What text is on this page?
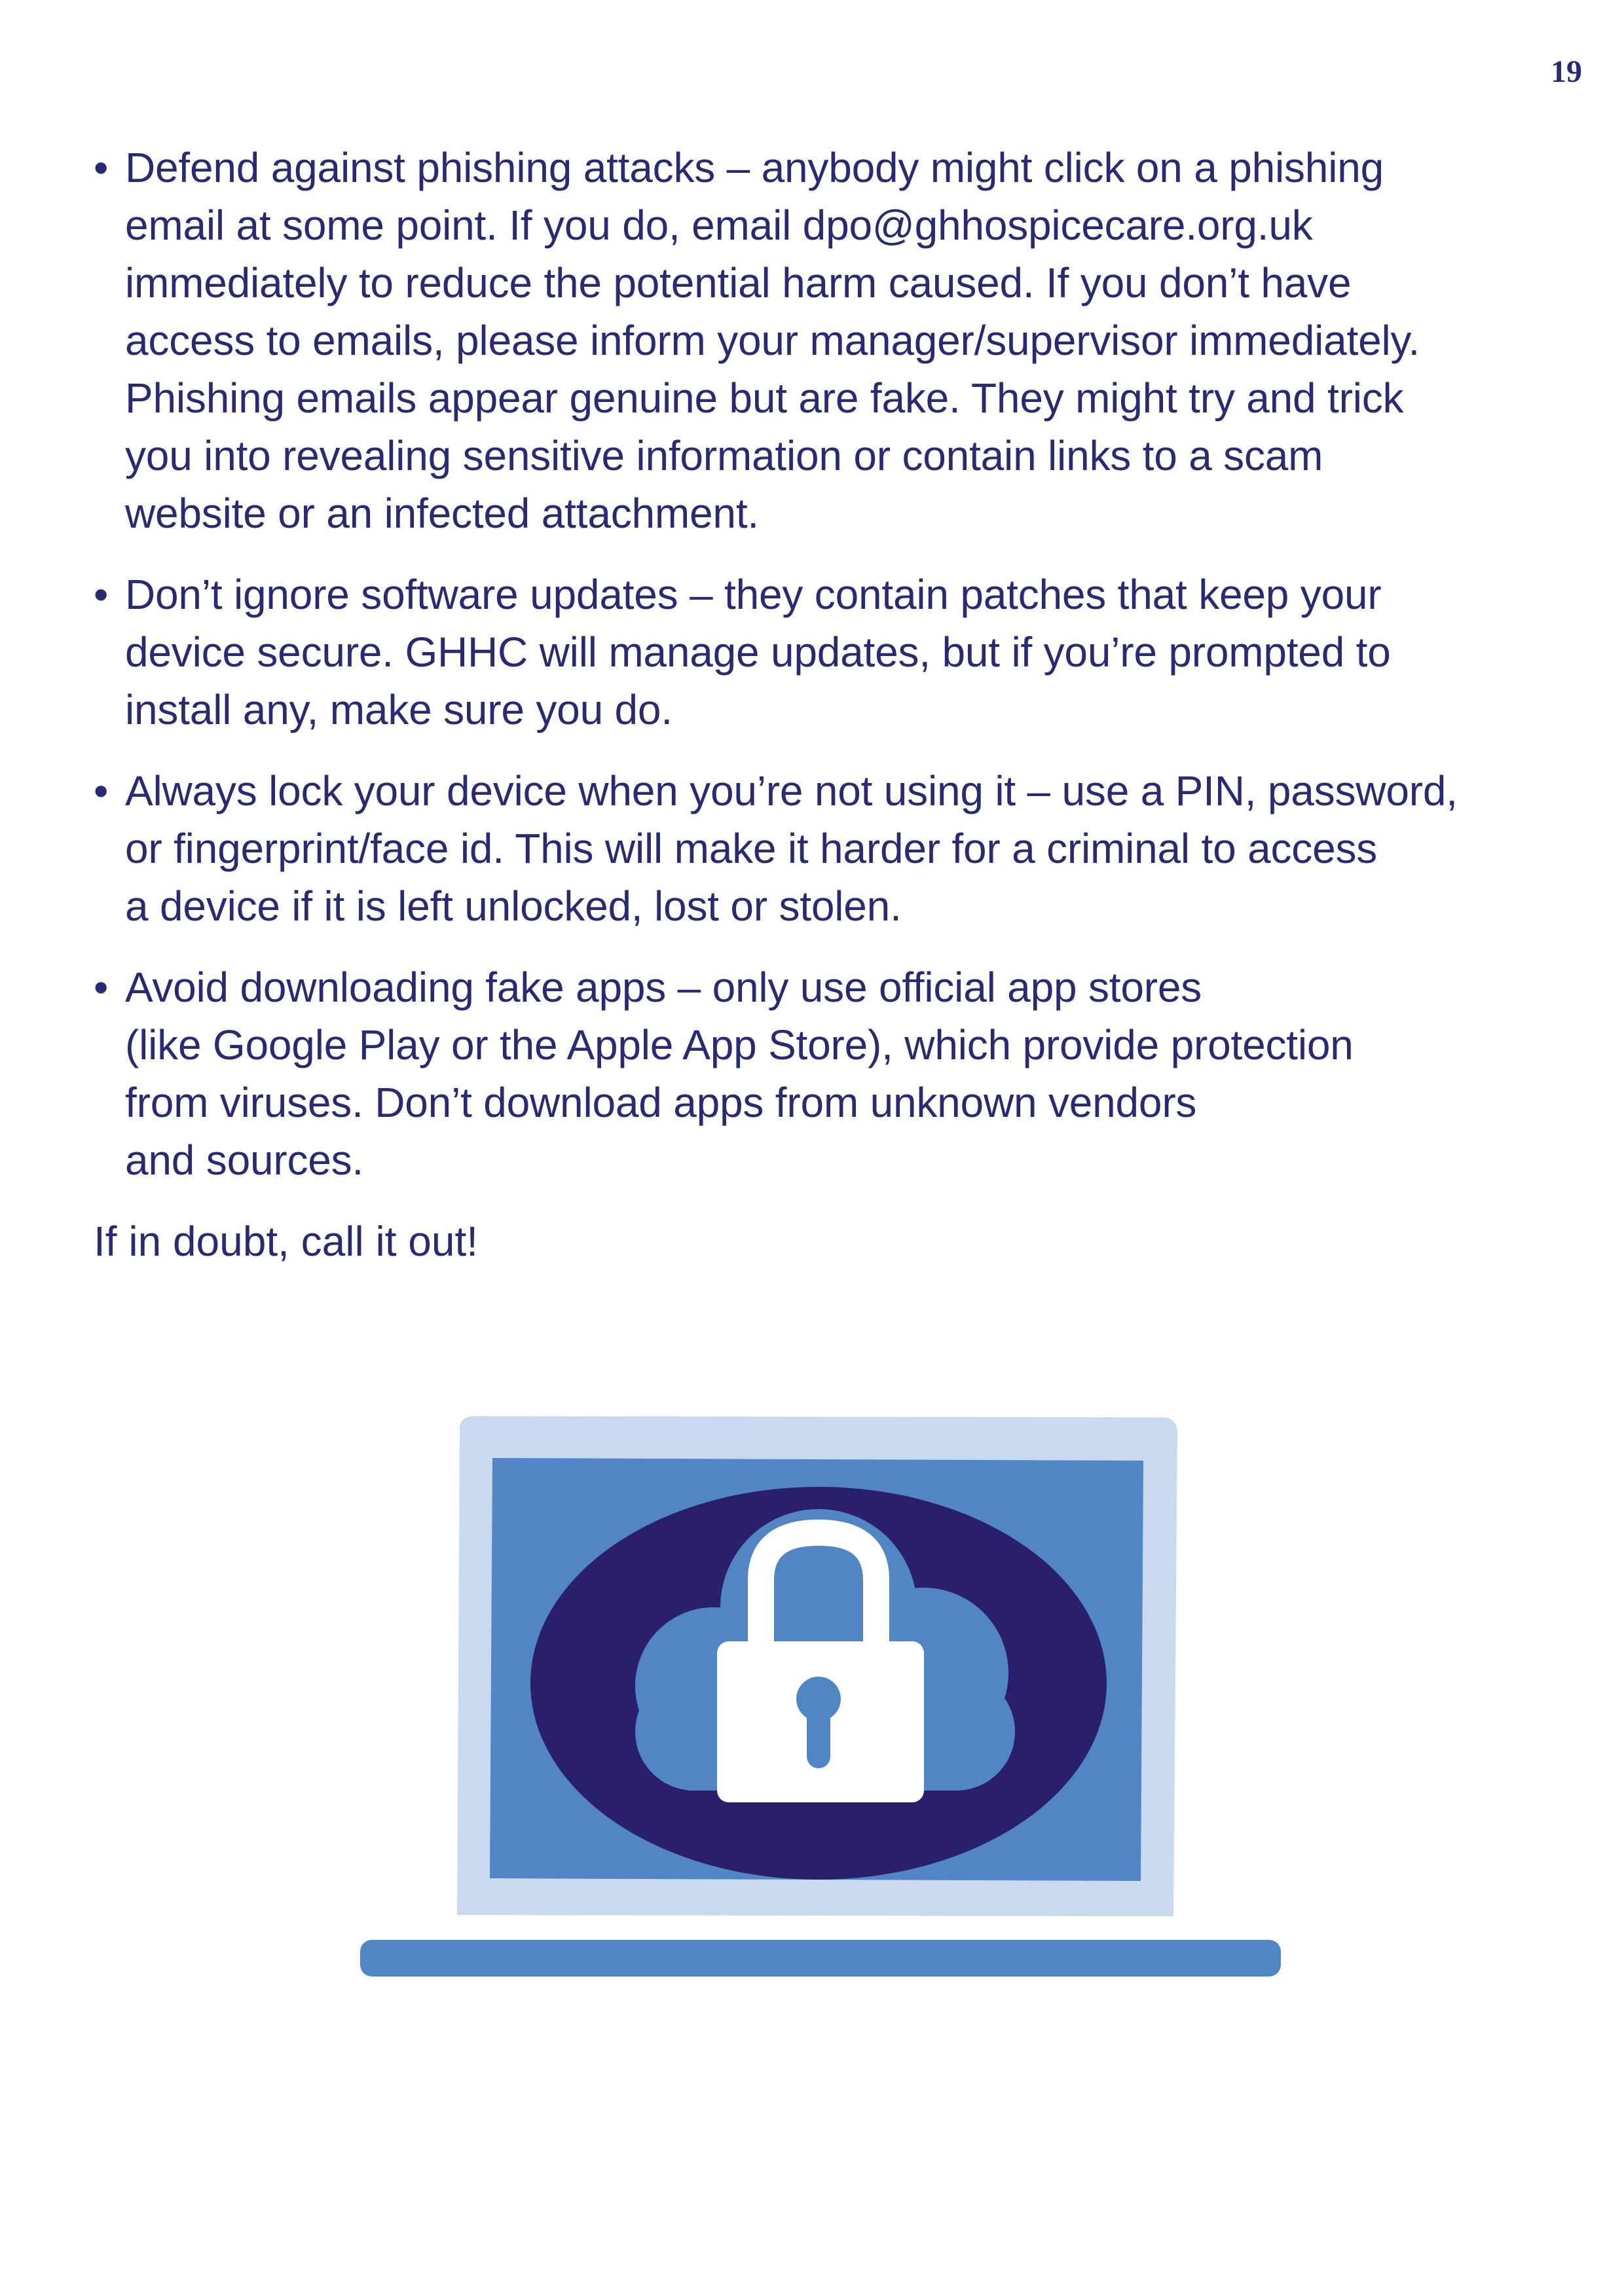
19
• Defend against phishing attacks – anybody might click on a phishing
email at some point. If you do, email dpo@ghhospicecare.org.uk
immediately to reduce the potential harm caused. If you don’t have
access to emails, please inform your manager/supervisor immediately.
Phishing emails appear genuine but are fake. They might try and trick
you into revealing sensitive information or contain links to a scam
website or an infected attachment.
• Don’t ignore software updates – they contain patches that keep your
device secure. GHHC will manage updates, but if you’re prompted to
install any, make sure you do.
• Always lock your device when you’re not using it – use a PIN, password,
or fingerprint/face id. This will make it harder for a criminal to access
a device if it is left unlocked, lost or stolen.
• Avoid downloading fake apps – only use official app stores
(like Google Play or the Apple App Store), which provide protection
from viruses. Don’t download apps from unknown vendors
and sources.

If in doubt, call it out!
